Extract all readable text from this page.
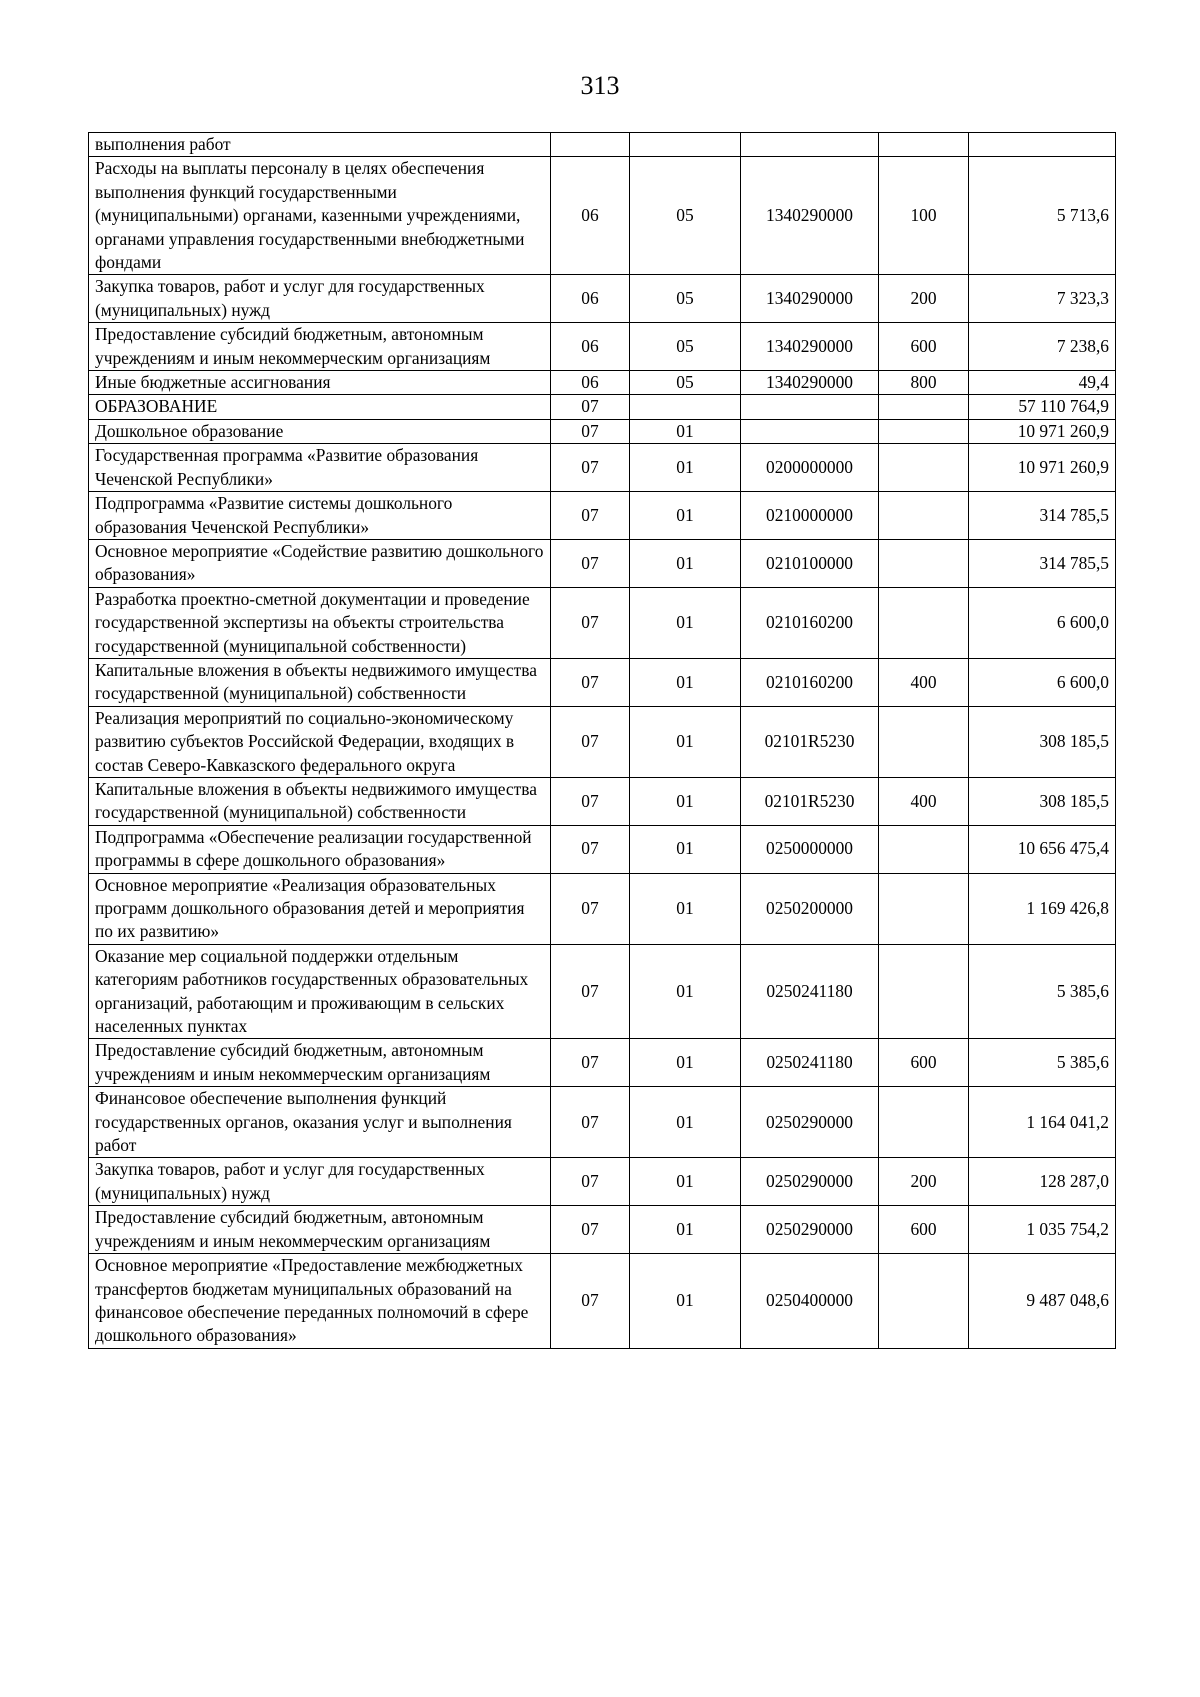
313
выполнения работ					
Расходы на выплаты персоналу в целях обеспечения выполнения функций государственными (муниципальными) органами, казенными учреждениями, органами управления государственными внебюджетными фондами	06	05	1340290000	100	5 713,6
Закупка товаров, работ и услуг для государственных (муниципальных) нужд	06	05	1340290000	200	7 323,3
Предоставление субсидий бюджетным, автономным учреждениям и иным некоммерческим организациям	06	05	1340290000	600	7 238,6
Иные бюджетные ассигнования	06	05	1340290000	800	49,4
ОБРАЗОВАНИЕ	07				57 110 764,9
Дошкольное образование	07	01			10 971 260,9
Государственная программа «Развитие образования Чеченской Республики»	07	01	0200000000		10 971 260,9
Подпрограмма «Развитие системы дошкольного образования Чеченской Республики»	07	01	0210000000		314 785,5
Основное мероприятие «Содействие развитию дошкольного образования»	07	01	0210100000		314 785,5
Разработка проектно-сметной документации и проведение государственной экспертизы на объекты строительства государственной (муниципальной собственности)	07	01	0210160200		6 600,0
Капитальные вложения в объекты недвижимого имущества государственной (муниципальной) собственности	07	01	0210160200	400	6 600,0
Реализация мероприятий по социально-экономическому развитию субъектов Российской Федерации, входящих в состав Северо-Кавказского федерального округа	07	01	02101R5230		308 185,5
Капитальные вложения в объекты недвижимого имущества государственной (муниципальной) собственности	07	01	02101R5230	400	308 185,5
Подпрограмма «Обеспечение реализации государственной программы в сфере дошкольного образования»	07	01	0250000000		10 656 475,4
Основное мероприятие «Реализация образовательных программ дошкольного образования детей и мероприятия по их развитию»	07	01	0250200000		1 169 426,8
Оказание мер социальной поддержки отдельным категориям работников государственных образовательных организаций, работающим и проживающим в сельских населенных пунктах	07	01	0250241180		5 385,6
Предоставление субсидий бюджетным, автономным учреждениям и иным некоммерческим организациям	07	01	0250241180	600	5 385,6
Финансовое обеспечение выполнения функций государственных органов, оказания услуг и выполнения работ	07	01	0250290000		1 164 041,2
Закупка товаров, работ и услуг для государственных (муниципальных) нужд	07	01	0250290000	200	128 287,0
Предоставление субсидий бюджетным, автономным учреждениям и иным некоммерческим организациям	07	01	0250290000	600	1 035 754,2
Основное мероприятие «Предоставление межбюджетных трансфертов бюджетам муниципальных образований на финансовое обеспечение переданных полномочий в сфере дошкольного образования»	07	01	0250400000		9 487 048,6
